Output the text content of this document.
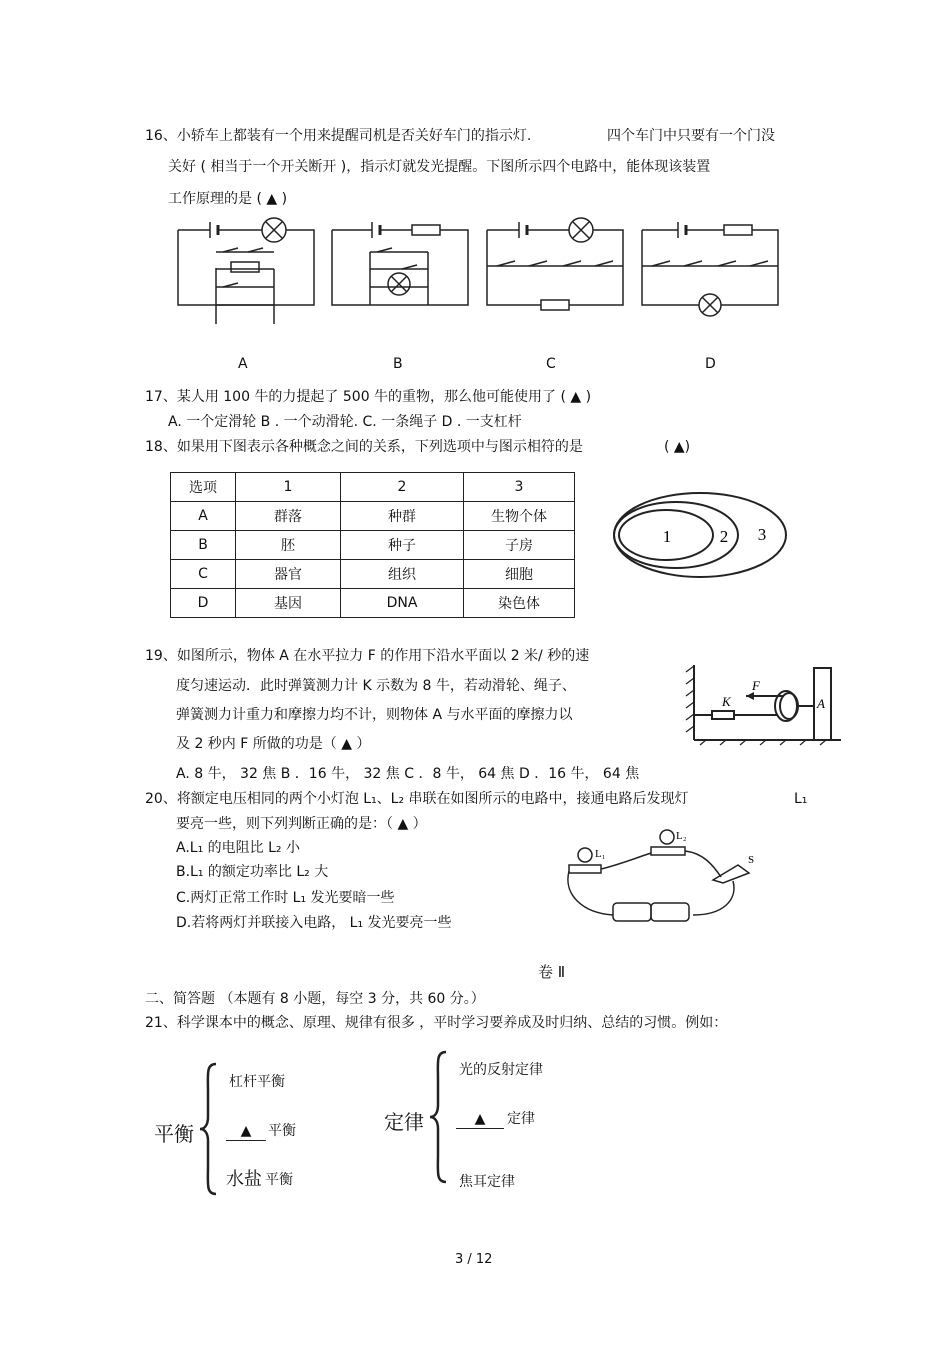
16、小轿车上都装有一个用来提醒司机是否关好车门的指示灯.	四个车门中只要有一个门没
关好 ( 相当于一个开关断开 )，指示灯就发光提醒。下图所示四个电路中，能体现该装置
工作原理的是 ( ▲ )
A	B	C	D
17、某人用 100 牛的力提起了 500 牛的重物，那么他可能使用了 ( ▲ )
A. 一个定滑轮 B . 一个动滑轮. C. 一条绳子 D . 一支杠杆
18、如果用下图表示各种概念之间的关系，下列选项中与图示相符的是	( ▲)
选项	1	2	3
A	群落	种群	生物个体
B	胚	种子	子房
C	器官	组织	细胞
D	基因	DNA	染色体
1	2 3
19、如图所示，物体 A 在水平拉力 F 的作用下沿水平面以 2 米/ 秒的速
度匀速运动．此时弹簧测力计 K 示数为 8 牛，若动滑轮、绳子、
弹簧测力计重力和摩擦力均不计，则物体 A 与水平面的摩擦力以
及 2 秒内 F 所做的功是（ ▲ ）
A. 8 牛， 32 焦 B ．16 牛， 32 焦 C ．8 牛， 64 焦 D ．16 牛， 64 焦
F
K	A
20、将额定电压相同的两个小灯泡 L₁、L₂ 串联在如图所示的电路中，接通电路后发现灯	L₁
要亮一些，则下列判断正确的是：（ ▲ ）
A.L₁ 的电阻比 L₂ 小
B.L₁ 的额定功率比 L₂ 大
C.两灯正常工作时 L₁ 发光要暗一些
D.若将两灯并联接入电路， L₁ 发光要亮一些
L₁
L₂
S
卷 Ⅱ
二、简答题 （本题有 8 小题，每空 3 分，共 60 分。）
21、科学课本中的概念、原理、规律有很多 ，平时学习要养成及时归纳、总结的习惯。例如：
平衡
杠杆平衡
▲	平衡
水盐 平衡
定律
光的反射定律
▲	定律
焦耳定律
3 / 12
